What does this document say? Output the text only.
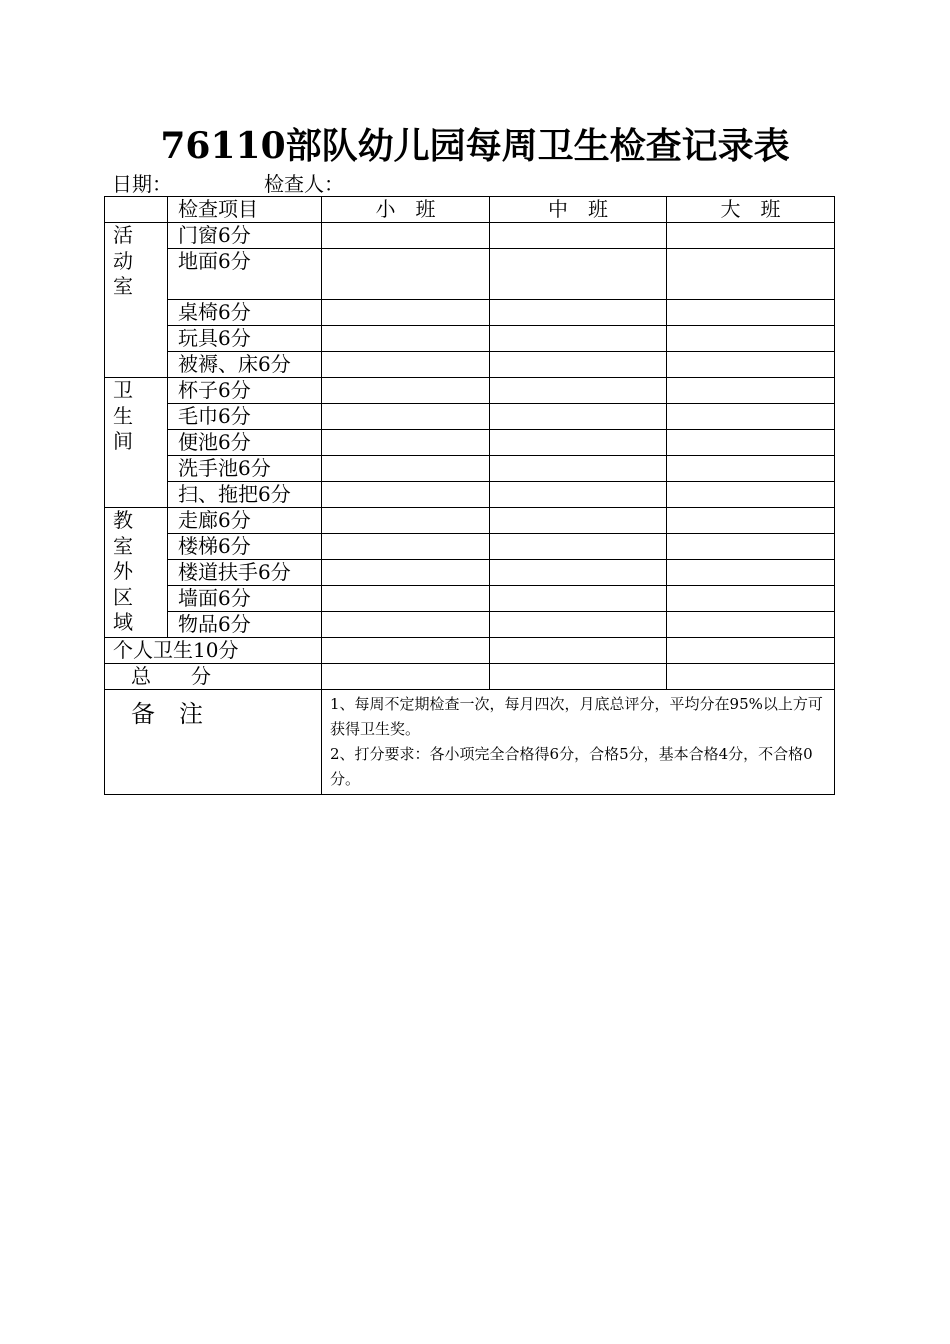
76110部队幼儿园每周卫生检查记录表
日期：	检查人：
	检查项目	小　班	中　班	大　班

活动室	门窗6分			
	地面6分			
	桌椅6分			
	玩具6分			
	被褥、床6分			

卫生间	杯子6分			
	毛巾6分			
	便池6分			
	洗手池6分			
	扫、拖把6分			

教室外区域	走廊6分			
	楼梯6分			
	楼道扶手6分			
	墙面6分			
	物品6分			
个人卫生10分				
总　　分				
备　注		1、每周不定期检查一次，每月四次，月底总评分，平均分在95%以上方可获得卫生奖。

2、打分要求：各小项完全合格得6分，合格5分，基本合格4分，不合格0分。		
